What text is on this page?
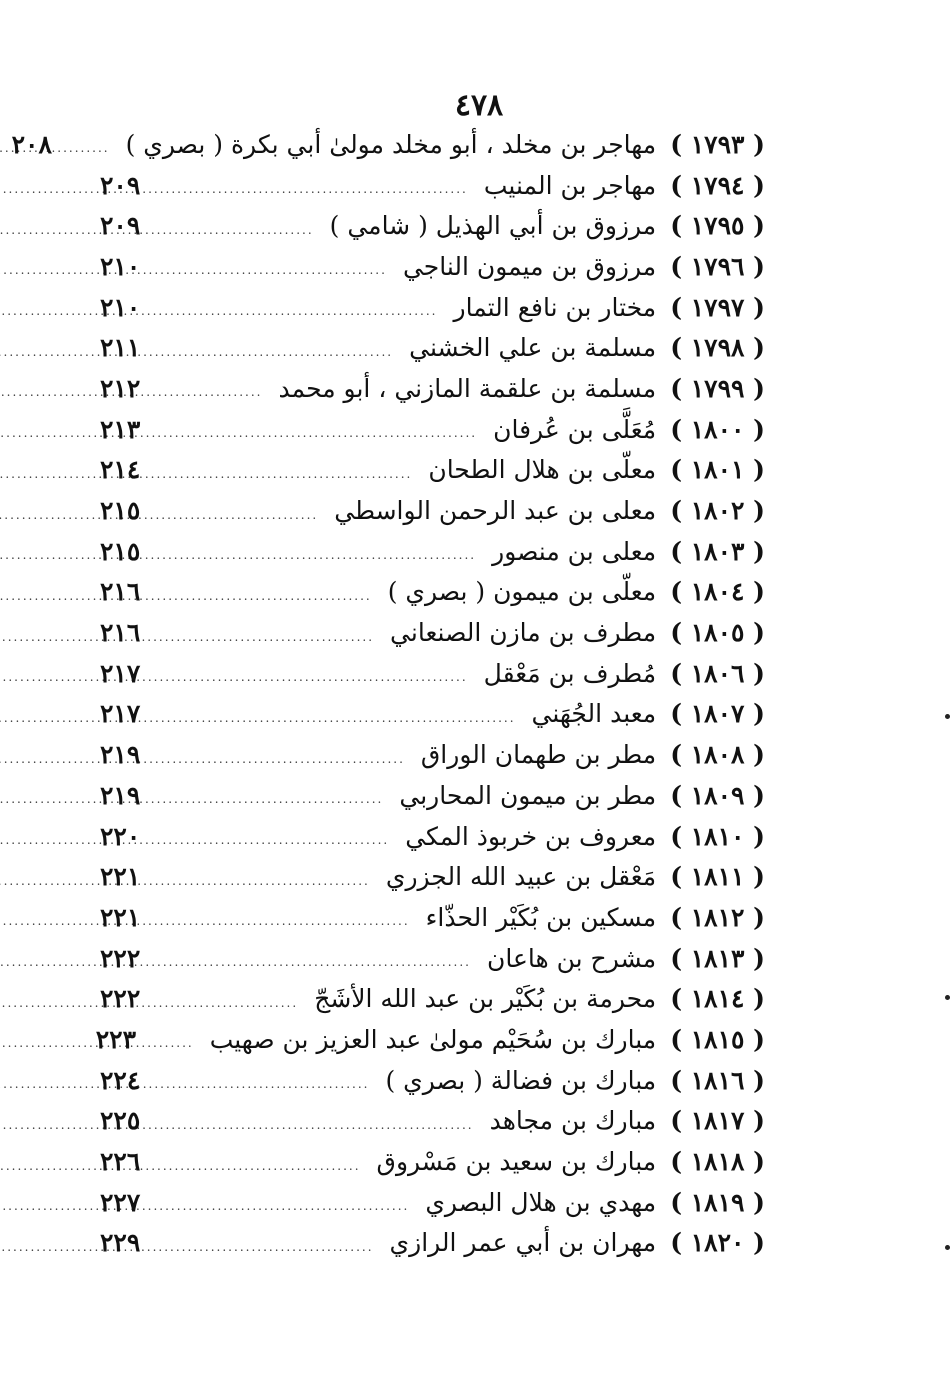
٤٧٨
( ١٧٩٣ )
مهاجر بن مخلد ، أبو مخلد مولىٰ أبي بكرة ( بصري )
.....
٢٠٨
( ١٧٩٤ )
مهاجر بن المنيب
.....
٢٠٩
( ١٧٩٥ )
مرزوق بن أبي الهذيل ( شامي )
.....
٢٠٩
( ١٧٩٦ )
مرزوق بن ميمون الناجي
.....
٢١٠
( ١٧٩٧ )
مختار بن نافع التمار
.....
٢١٠
( ١٧٩٨ )
مسلمة بن علي الخشني
.....
٢١١
( ١٧٩٩ )
مسلمة بن علقمة المازني ، أبو محمد
.....
٢١٢
( ١٨٠٠ )
مُعَلَّى بن عُرفان
.....
٢١٣
( ١٨٠١ )
معلّى بن هلال الطحان
.....
٢١٤
( ١٨٠٢ )
معلى بن عبد الرحمن الواسطي
.....
٢١٥
( ١٨٠٣ )
معلى بن منصور
.....
٢١٥
( ١٨٠٤ )
معلّى بن ميمون ( بصري )
.....
٢١٦
( ١٨٠٥ )
مطرف بن مازن الصنعاني
.....
٢١٦
( ١٨٠٦ )
مُطرف بن مَعْقل
.....
٢١٧
( ١٨٠٧ )
معبد الجُهَني
.....
٢١٧
( ١٨٠٨ )
مطر بن طهمان الوراق
.....
٢١٩
( ١٨٠٩ )
مطر بن ميمون المحاربي
.....
٢١٩
( ١٨١٠ )
معروف بن خربوذ المكي
.....
٢٢٠
( ١٨١١ )
مَعْقل بن عبيد الله الجزري
.....
٢٢١
( ١٨١٢ )
مسكين بن بُكَيْر الحذّاء
.....
٢٢١
( ١٨١٣ )
مشرح بن هاعان
.....
٢٢٢
( ١٨١٤ )
محرمة بن بُكَيْر بن عبد الله الأشَجّ
.....
٢٢٢
( ١٨١٥ )
مبارك بن سُحَيْم مولىٰ عبد العزيز بن صهيب
.....
٢٢٣
( ١٨١٦ )
مبارك بن فضالة ( بصري )
.....
٢٢٤
( ١٨١٧ )
مبارك بن مجاهد
.....
٢٢٥
( ١٨١٨ )
مبارك بن سعيد بن مَسْروق
.....
٢٢٦
( ١٨١٩ )
مهدي بن هلال البصري
.....
٢٢٧
( ١٨٢٠ )
مهران بن أبي عمر الرازي
.....
٢٢٩
